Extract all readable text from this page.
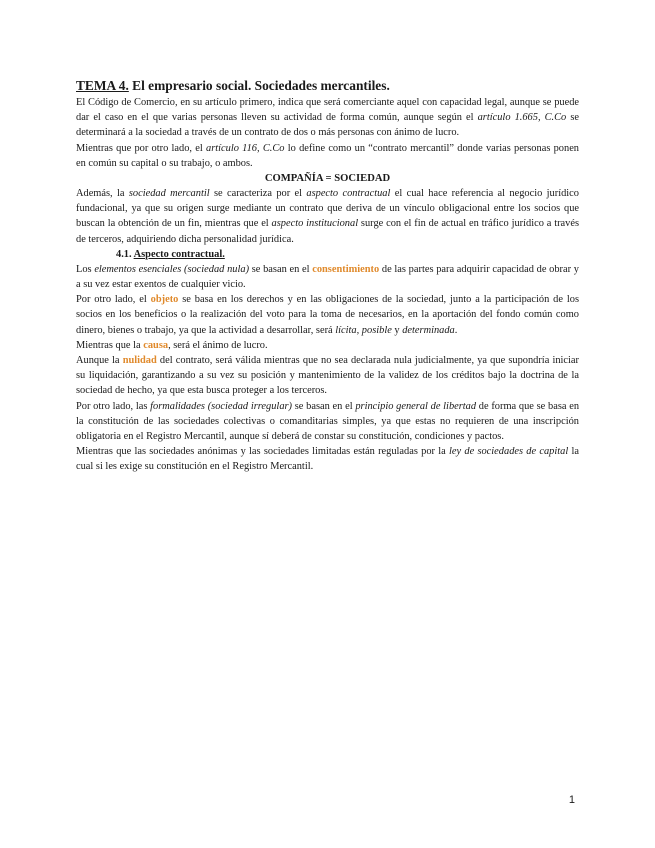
TEMA 4. El empresario social. Sociedades mercantiles.

El Código de Comercio, en su artículo primero, indica que será comerciante aquel con capacidad legal, aunque se puede dar el caso en el que varias personas lleven su actividad de forma común, aunque según el artículo 1.665, C.Co se determinará a la sociedad a través de un contrato de dos o más personas con ánimo de lucro.

Mientras que por otro lado, el artículo 116, C.Co lo define como un “contrato mercantil” donde varias personas ponen en común su capital o su trabajo, o ambos.

COMPAÑÍA = SOCIEDAD

Además, la sociedad mercantil se caracteriza por el aspecto contractual el cual hace referencia al negocio jurídico fundacional, ya que su origen surge mediante un contrato que deriva de un vínculo obligacional entre los socios que buscan la obtención de un fin, mientras que el aspecto institucional surge con el fin de actual en tráfico jurídico a través de terceros, adquiriendo dicha personalidad jurídica.

4.1. Aspecto contractual.

Los elementos esenciales (sociedad nula) se basan en el consentimiento de las partes para adquirir capacidad de obrar y a su vez estar exentos de cualquier vicio.

Por otro lado, el objeto se basa en los derechos y en las obligaciones de la sociedad, junto a la participación de los socios en los beneficios o la realización del voto para la toma de necesarios, en la aportación del fondo común como dinero, bienes o trabajo, ya que la actividad a desarrollar, será lícita, posible y determinada.

Mientras que la causa, será el ánimo de lucro.

Aunque la nulidad del contrato, será válida mientras que no sea declarada nula judicialmente, ya que supondría iniciar su liquidación, garantizando a su vez su posición y mantenimiento de la validez de los créditos bajo la doctrina de la sociedad de hecho, ya que esta busca proteger a los terceros.

Por otro lado, las formalidades (sociedad irregular) se basan en el principio general de libertad de forma que se basa en la constitución de las sociedades colectivas o comanditarias simples, ya que estas no requieren de una inscripción obligatoria en el Registro Mercantil, aunque sí deberá de constar su constitución, condiciones y pactos.

Mientras que las sociedades anónimas y las sociedades limitadas están reguladas por la ley de sociedades de capital la cual si les exige su constitución en el Registro Mercantil.

1
